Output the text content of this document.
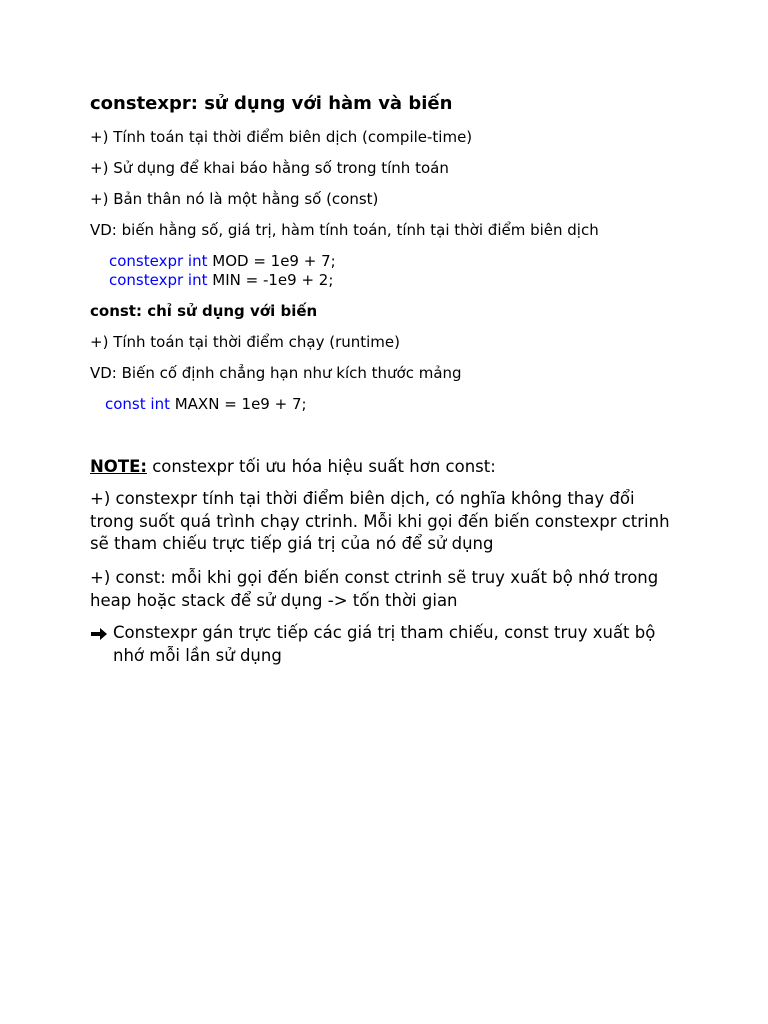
constexpr: sử dụng với hàm và biến
+) Tính toán tại thời điểm biên dịch (compile-time)
+) Sử dụng để khai báo hằng số trong tính toán
+) Bản thân nó là một hằng số (const)
VD: biến hằng số, giá trị, hàm tính toán, tính tại thời điểm biên dịch
constexpr int MOD = 1e9 + 7;
constexpr int MIN = -1e9 + 2;
const: chỉ sử dụng với biến
+) Tính toán tại thời điểm chạy (runtime)
VD: Biến cố định chẳng hạn như kích thước mảng
const int MAXN = 1e9 + 7;
NOTE: constexpr tối ưu hóa hiệu suất hơn const:
+) constexpr tính tại thời điểm biên dịch, có nghĩa không thay đổi trong suốt quá trình chạy ctrinh. Mỗi khi gọi đến biến constexpr ctrinh sẽ tham chiếu trực tiếp giá trị của nó để sử dụng
+) const: mỗi khi gọi đến biến const ctrinh sẽ truy xuất bộ nhớ trong heap hoặc stack để sử dụng -> tốn thời gian
Constexpr gán trực tiếp các giá trị tham chiếu, const truy xuất bộ nhớ mỗi lần sử dụng
